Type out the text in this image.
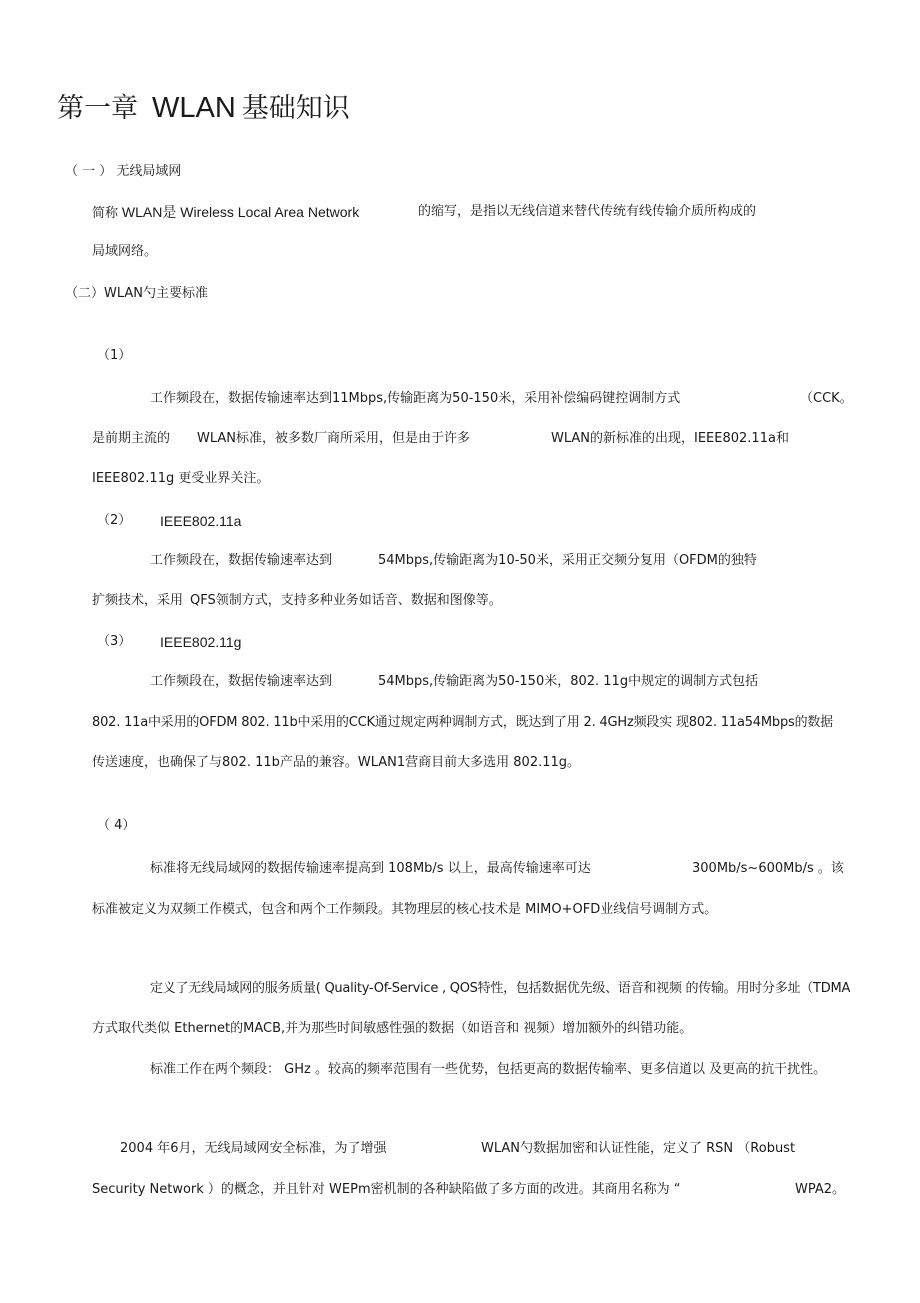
第一章 WLAN 基础知识
（ 一 ） 无线局域网
简称 WLAN是 Wireless Local Area Network	的缩写，是指以无线信道来替代传统有线传输介质所构成的
局域网络。
（二）WLAN勺主要标准
（1）
工作频段在，数据传输速率达到11Mbps,传输距离为50-150米，采用补偿编码键控调制方式	（CCK。
是前期主流的 WLAN标准，被多数厂商所采用，但是由于许多	WLAN的新标准的出现，IEEE802.11a和
IEEE802.11g 更受业界关注。
（2） IEEE802.11a
工作频段在，数据传输速率达到	54Mbps,传输距离为10-50米，采用正交频分复用（OFDM的独特
扩频技术，采用 QFS领制方式，支持多种业务如话音、数据和图像等。
（3） IEEE802.11g
工作频段在，数据传输速率达到	54Mbps,传输距离为50-150米，802. 11g中规定的调制方式包括
802. 11a中采用的OFDM 802. 11b中采用的CCK通过规定两种调制方式，既达到了用 2. 4GHz频段实 现802. 11a54Mbps的数据
传送速度，也确保了与802. 11b产品的兼容。WLAN1营商目前大多选用 802.11g。
（ 4）
标准将无线局域网的数据传输速率提高到 108Mb/s 以上，最高传输速率可达	300Mb/s~600Mb/s 。该
标准被定义为双频工作模式，包含和两个工作频段。其物理层的核心技术是 MIMO+OFD业线信号调制方式。
定义了无线局域网的服务质量( Quality-Of-Service , QOS特性，包括数据优先级、语音和视频 的传输。用时分多址（TDMA
方式取代类似 Ethernet的MACB,并为那些时间敏感性强的数据（如语音和 视频）增加额外的纠错功能。
标准工作在两个频段： GHz 。较高的频率范围有一些优势，包括更高的数据传输率、更多信道以 及更高的抗干扰性。
2004 年6月，无线局域网安全标准，为了增强	WLAN勺数据加密和认证性能，定义了 RSN （Robust
Security Network ）的概念，并且针对 WEPm密机制的各种缺陷做了多方面的改进。其商用名称为 “	WPA2。
